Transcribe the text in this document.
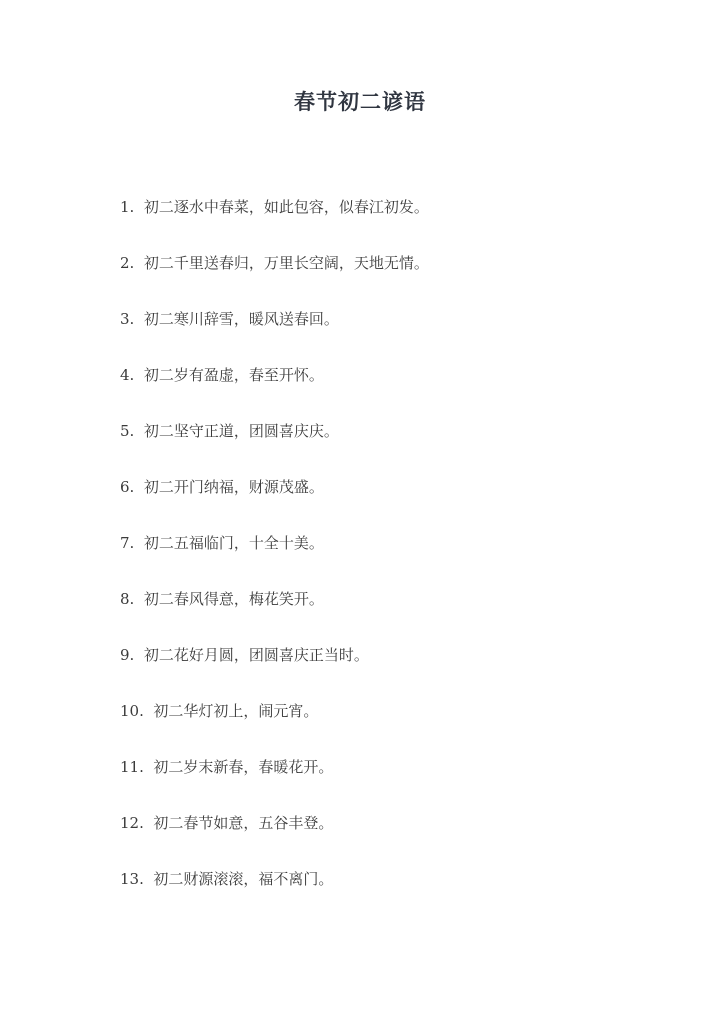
春节初二谚语
1. 初二逐水中春菜，如此包容，似春江初发。
2. 初二千里送春归，万里长空阔，天地无情。
3. 初二寒川辞雪，暖风送春回。
4. 初二岁有盈虚，春至开怀。
5. 初二坚守正道，团圆喜庆庆。
6. 初二开门纳福，财源茂盛。
7. 初二五福临门，十全十美。
8. 初二春风得意，梅花笑开。
9. 初二花好月圆，团圆喜庆正当时。
10. 初二华灯初上，闹元宵。
11. 初二岁末新春，春暖花开。
12. 初二春节如意，五谷丰登。
13. 初二财源滚滚，福不离门。
